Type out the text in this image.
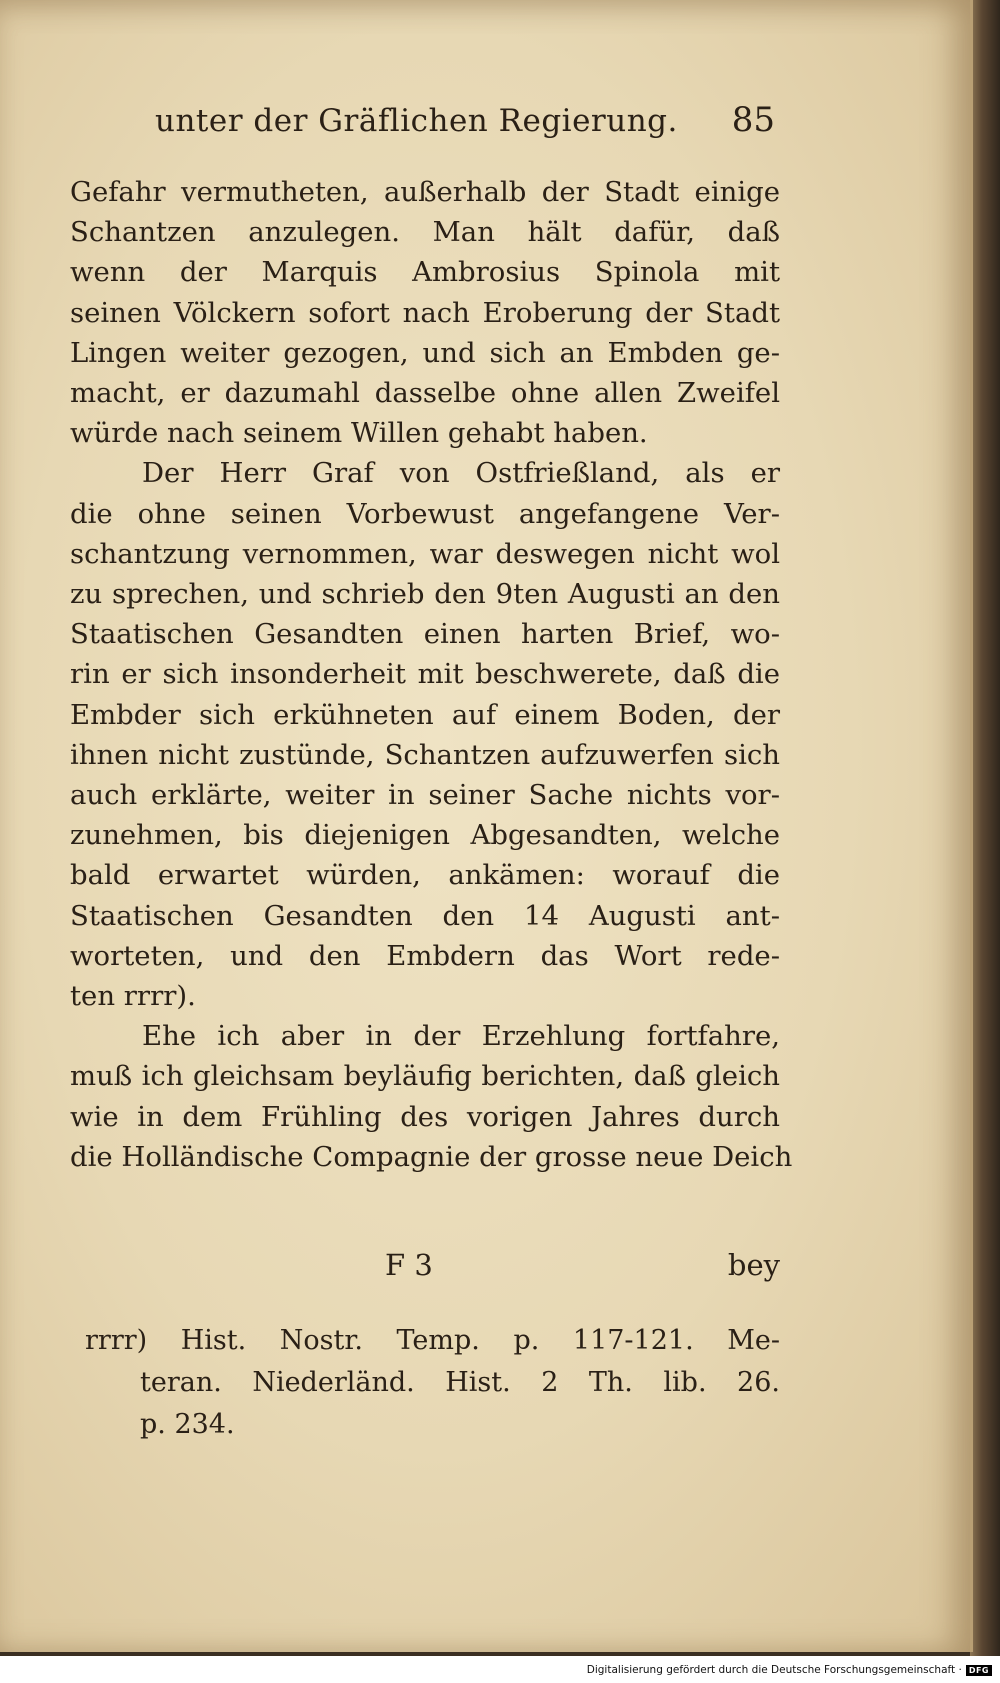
unter der Gräflichen Regierung. 85
Gefahr vermutheten, außerhalb der Stadt einige
Schantzen anzulegen. Man hält dafür, daß
wenn der Marquis Ambrosius Spinola mit
seinen Völckern sofort nach Eroberung der Stadt
Lingen weiter gezogen, und sich an Embden ge-
macht, er dazumahl dasselbe ohne allen Zweifel
würde nach seinem Willen gehabt haben.
Der Herr Graf von Ostfrießland, als er
die ohne seinen Vorbewust angefangene Ver-
schantzung vernommen, war deswegen nicht wol
zu sprechen, und schrieb den 9ten Augusti an den
Staatischen Gesandten einen harten Brief, wo-
rin er sich insonderheit mit beschwerete, daß die
Embder sich erkühneten auf einem Boden, der
ihnen nicht zustünde, Schantzen aufzuwerfen sich
auch erklärte, weiter in seiner Sache nichts vor-
zunehmen, bis diejenigen Abgesandten, welche
bald erwartet würden, ankämen: worauf die
Staatischen Gesandten den 14 Augusti ant-
worteten, und den Embdern das Wort rede-
ten rrrr).
Ehe ich aber in der Erzehlung fortfahre,
muß ich gleichsam beyläufig berichten, daß gleich
wie in dem Frühling des vorigen Jahres durch
die Holländische Compagnie der grosse neue Deich
F 3	bey
rrrr) Hist. Nostr. Temp. p. 117-121. Me-
teran. Niederländ. Hist. 2 Th. lib. 26.
p. 234.
Digitalisierung gefördert durch die Deutsche Forschungsgemeinschaft · DFG
